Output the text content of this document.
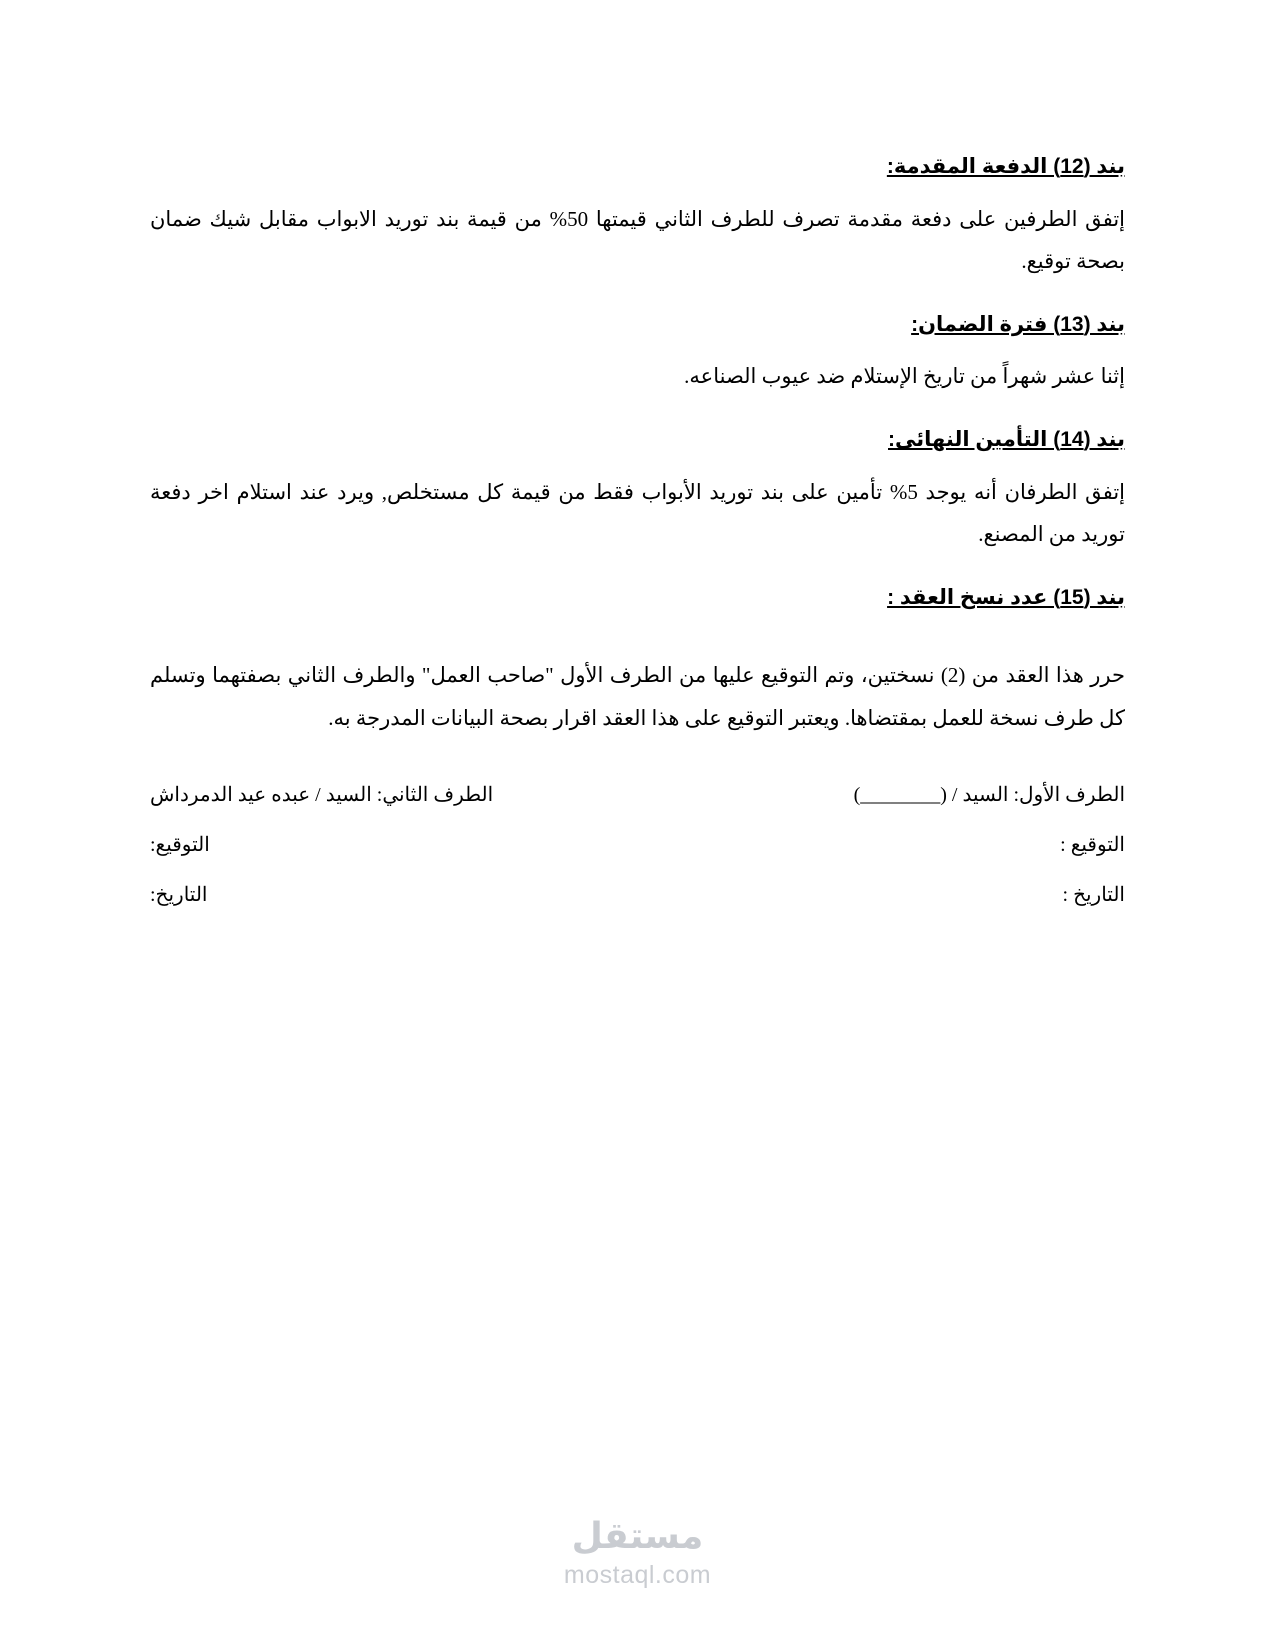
بند (12) الدفعة المقدمة:

إتفق الطرفين على دفعة مقدمة تصرف للطرف الثاني قيمتها 50% من قيمة بند توريد الابواب مقابل شيك ضمان بصحة توقيع.

بند (13) فترة الضمان:

إثنا عشر شهراً من تاريخ الإستلام ضد عيوب الصناعه.

بند (14) التأمين النهائى:

إتفق الطرفان أنه يوجد 5% تأمين على بند توريد الأبواب فقط من قيمة كل مستخلص, ويرد عند استلام اخر دفعة توريد من المصنع.

بند (15) عدد نسخ العقد :

حرر هذا العقد من (2) نسختين، وتم التوقيع عليها من الطرف الأول "صاحب العمل" والطرف الثاني بصفتهما وتسلم كل طرف نسخة للعمل بمقتضاها. ويعتبر التوقيع على هذا العقد اقرار بصحة البيانات المدرجة به.

الطرف الأول: السيد / (________)	الطرف الثاني: السيد / عبده عيد الدمرداش
التوقيع :	التوقيع:
التاريخ :	التاريخ:
مستقل
mostaql.com
